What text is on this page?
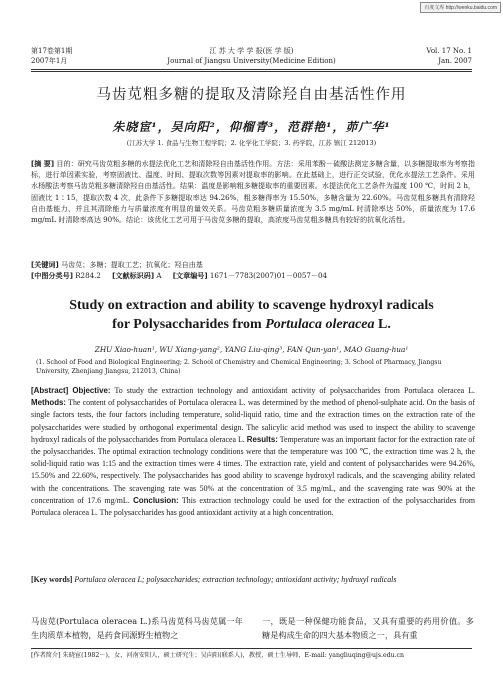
百度文库 http://wenku.baidu.com
第17卷第1期
2007年1月
江 苏 大 学 学 报(医 学 版)
Journal of Jiangsu University(Medicine Edition)
Vol. 17 No. 1
Jan. 2007
马齿苋粗多糖的提取及清除羟自由基活性作用
朱晓宦¹，吴向阳²，仰榴青³，范群艳¹，茆广华¹
(江苏大学 1. 食品与生物工程学院；2. 化学化工学院；3. 药学院，江苏 镇江 212013)
[摘 要] 目的：研究马齿苋粗多糖的水提法优化工艺和清除羟自由基活性作用。方法：采用苯酚－硫酸法测定多糖含量，以多糖提取率为考察指标，进行单因素实验，考察固液比、温度、时间、提取次数等因素对提取率的影响。在此基础上，进行正交试验，优化水提法工艺条件。采用水杨酸法考察马齿苋粗多糖清除羟自由基活性。结果：温度是影响粗多糖提取率的重要因素。水提法优化工艺条件为温度 100 ℃，时间 2 h，固液比 1∶15，提取次数 4 次，此条件下多糖提取率达 94.26%，粗多糖得率为 15.50%，多糖含量为 22.60%。马齿苋粗多糖具有清除羟自由基能力，并且其清除能力与质量浓度有明显的量效关系。马齿苋粗多糖质量浓度为 3.5 mg/mL 时清除率达 50%，质量浓度为 17.6 mg/mL 时清除率高达 90%。结论：该优化工艺可用于马齿苋多糖的提取，高浓度马齿苋粗多糖具有较好的抗氧化活性。
[关键词] 马齿苋；多糖；提取工艺；抗氧化；羟自由基
[中图分类号] R284.2 [文献标识码] A [文章编号] 1671－7783(2007)01－0057－04
Study on extraction and ability to scavenge hydroxyl radicals
for Polysaccharides from Portulaca oleracea L.
ZHU Xiao-huan¹, WU Xiang-yang², YANG Liu-qing³, FAN Qun-yan¹, MAO Guang-hua¹
(1. School of Food and Biological Engineering; 2. School of Chemistry and Chemical Engineering; 3. School of Pharmacy, Jiangsu University, Zhenjiang Jiangsu, 212013, China)
[Abstract] Objective: To study the extraction technology and antioxidant activity of polysaccharides from Portulaca oleracea L. Methods: The content of polysaccharides of Portulaca oleracea L. was determined by the method of phenol-sulphate acid. On the basis of single factors tests, the four factors including temperature, solid-liquid ratio, time and the extraction times on the extraction rate of the polysaccharides were studied by orthogonal experimental design. The salicylic acid method was used to inspect the ability to scavenge hydroxyl radicals of the polysaccharides from Portulaca oleracea L. Results: Temperature was an important factor for the extraction rate of the polysaccharides. The optimal extraction technology conditions were that the temperature was 100 ℃, the extraction time was 2 h, the solid-liquid ratio was 1:15 and the extraction times were 4 times. The extraction rate, yield and content of polysaccharides were 94.26%, 15.50% and 22.60%, respectively. The polysaccharides has good ability to scavenge hydroxyl radicals, and the scavenging ability related with the concentrations. The scavenging rate was 50% at the concentration of 3.5 mg/mL, and the scavenging rate was 90% at the concentration of 17.6 mg/mL. Conclusion: This extraction technology could be used for the extraction of the polysaccharides from Portulaca oleracea L. The polysaccharides has good antioxidant activity at a high concentration.
[Key words] Portulaca oleracea L; polysaccharides; extraction technology; antioxidant activity; hydroxyl radicals
马齿苋(Portulaca oleracea L.)系马齿苋科马齿苋属一年生肉质草本植物，是药食同源野生植物之
一，既是一种保健功能食品，又具有重要的药用价值。多糖是构成生命的四大基本物质之一，具有重
[作者简介] 朱晓宦(1982－)，女，河南安阳人，硕士研究生；吴向阳(联系人)，教授，硕士生导师，E-mail: yangliuqing@ujs.edu.cn
